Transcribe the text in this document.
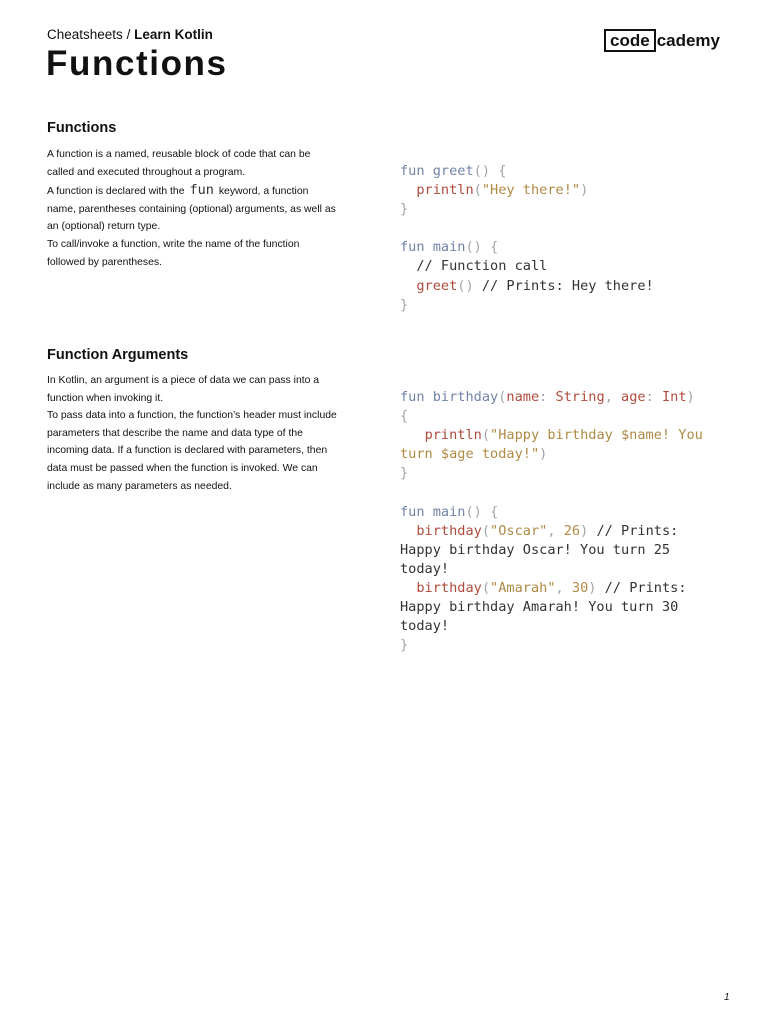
Cheatsheets / Learn Kotlin	code cademy
Functions
Functions

A function is a named, reusable block of code that can be called and executed throughout a program.

A function is declared with the fun keyword, a function name, parentheses containing (optional) arguments, as well as an (optional) return type.

To call/invoke a function, write the name of the function followed by parentheses.

fun greet() {
println("Hey there!")
}
fun main() {
// Function call
greet() // Prints: Hey there!
}
Function Arguments

In Kotlin, an argument is a piece of data we can pass into a function when invoking it.

To pass data into a function, the function’s header must include parameters that describe the name and data type of the incoming data. If a function is declared with parameters, then data must be passed when the function is invoked. We can include as many parameters as needed.

fun birthday(name: String, age: Int)
{
println("Happy birthday $name! You
turn $age today!")
}
fun main() {
birthday("Oscar", 26) // Prints:
Happy birthday Oscar! You turn 25
today!
birthday("Amarah", 30) // Prints:
Happy birthday Amarah! You turn 30
today!
}
1
